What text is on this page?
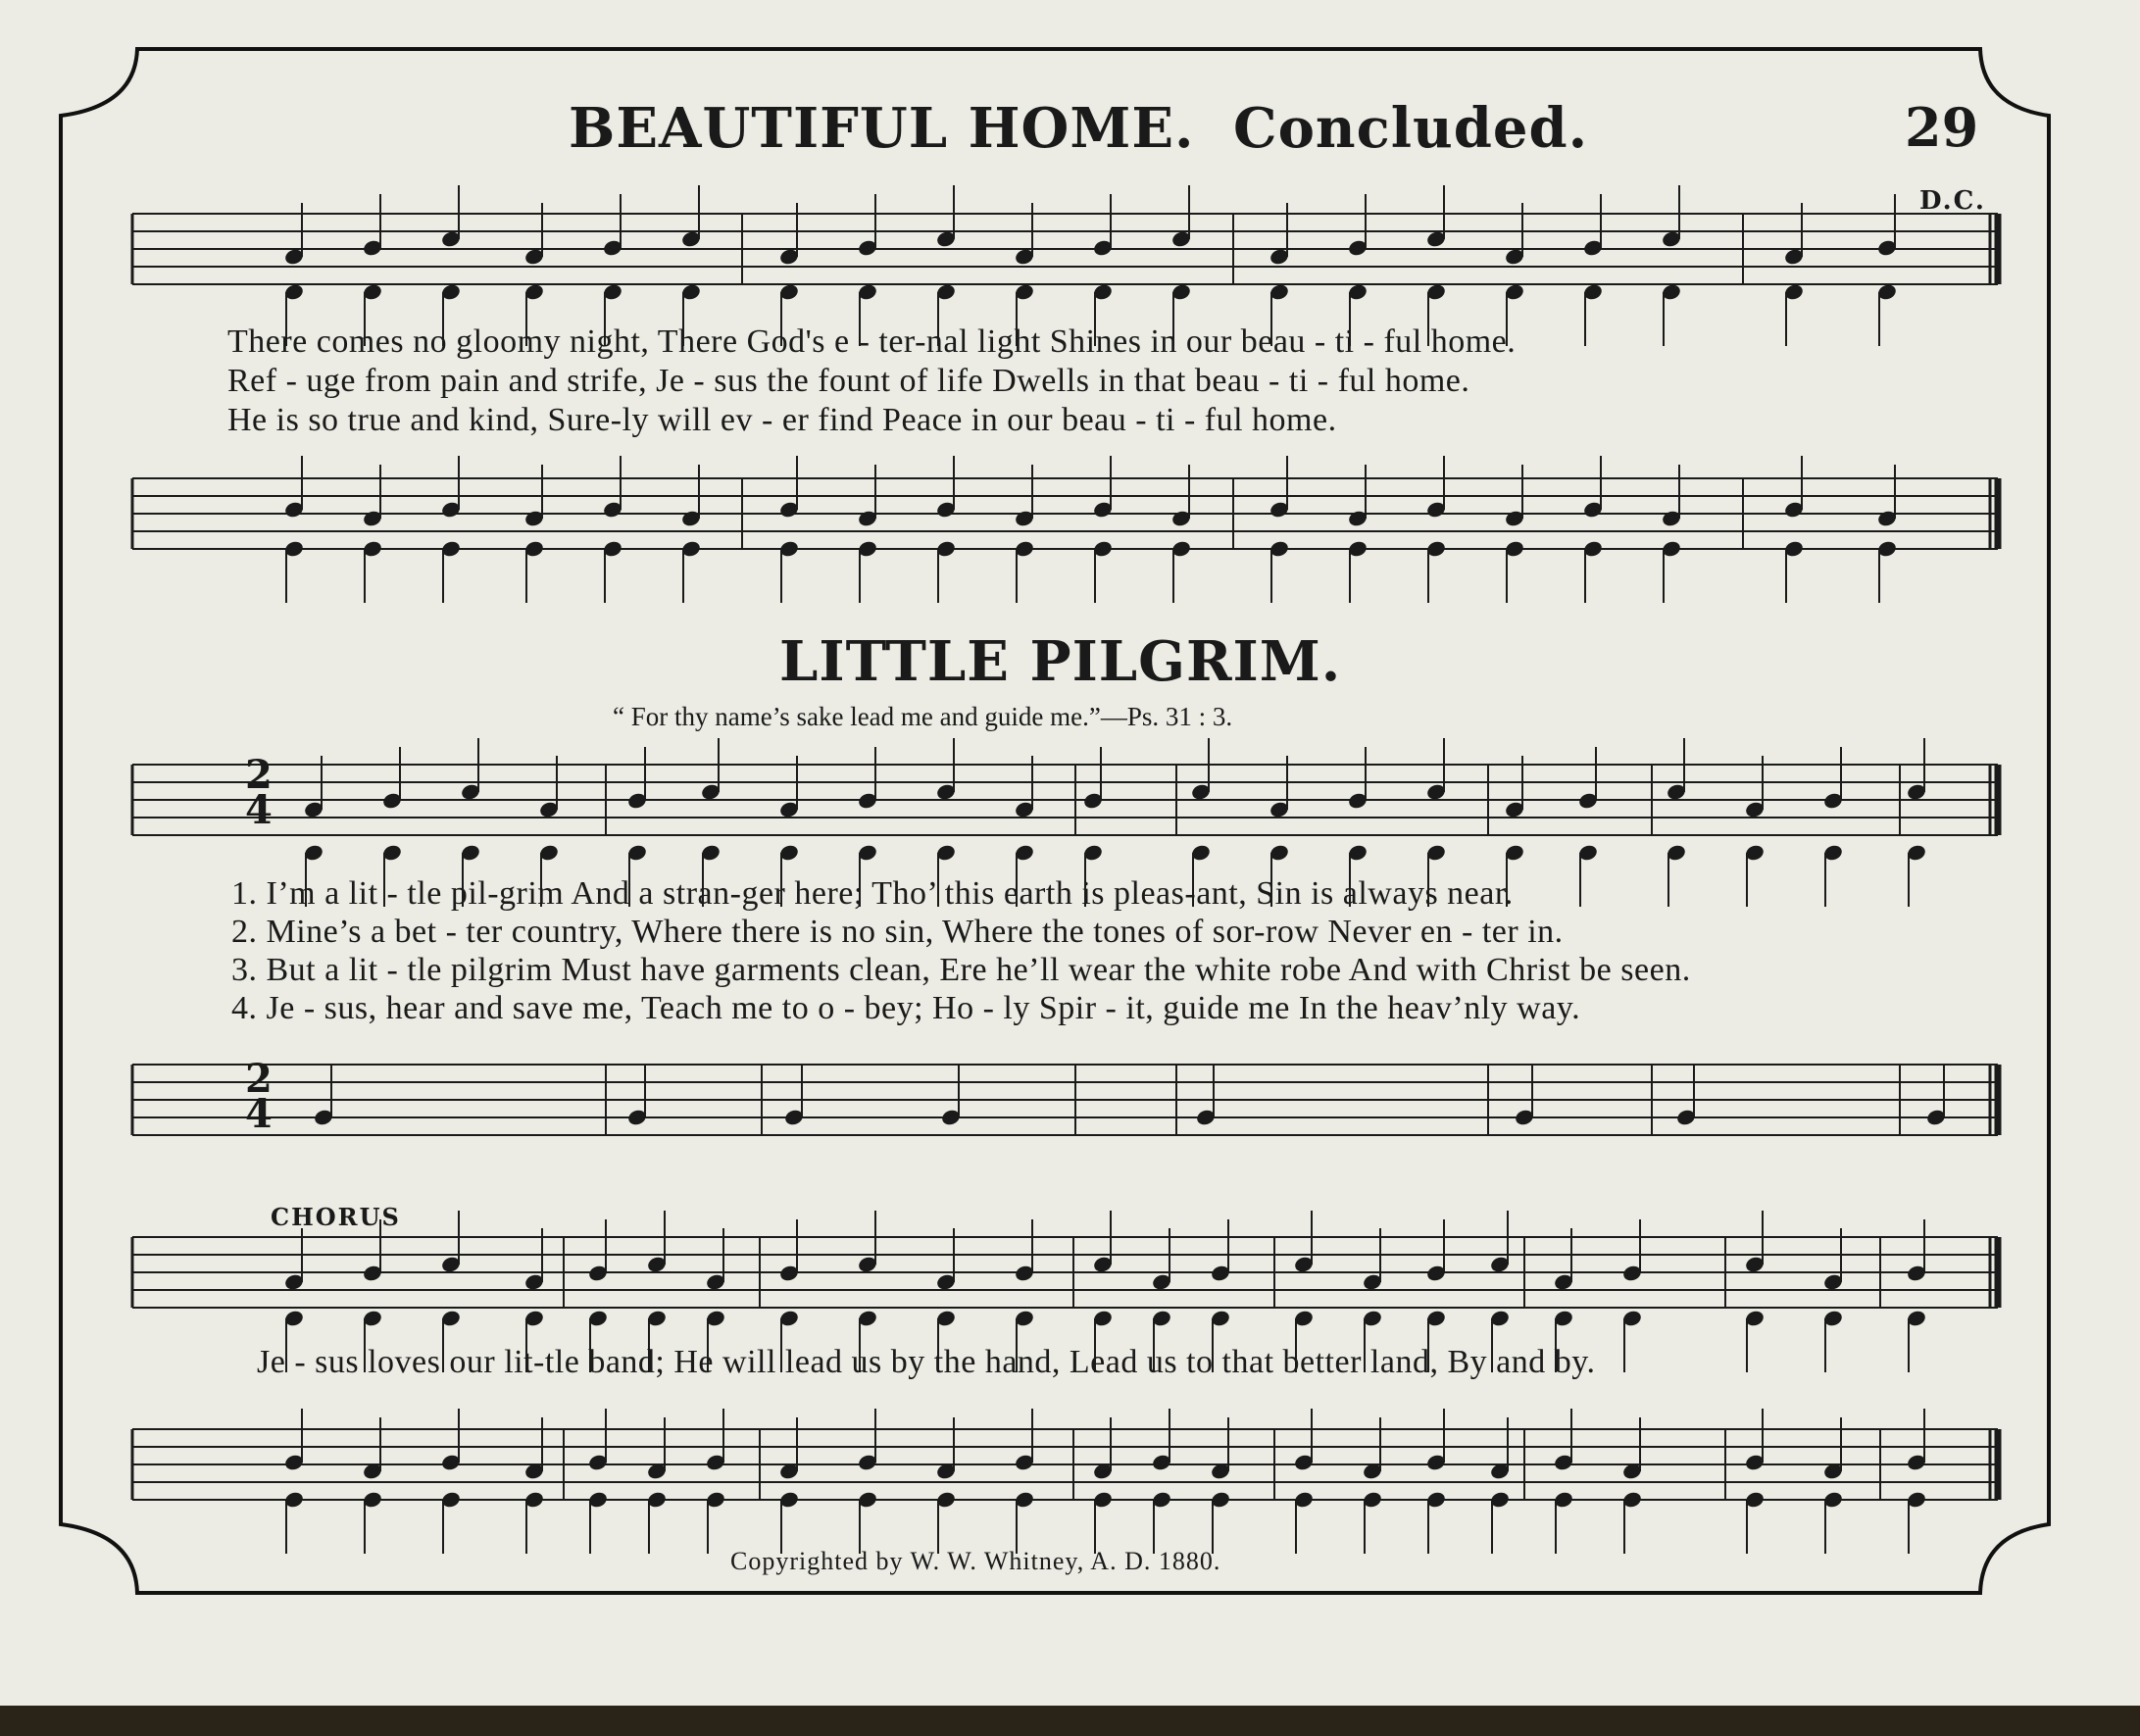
BEAUTIFUL HOME. Concluded.	29
D.C.
There comes no gloomy night, There God's e - ter-nal light Shines in our beau - ti - ful home.
Ref - uge from pain and strife, Je - sus the fount of life Dwells in that beau - ti - ful home.
He is so true and kind, Sure-ly will ev - er find Peace in our beau - ti - ful home.
LITTLE PILGRIM.
“ For thy name’s sake lead me and guide me.”—Ps. 31 : 3.
2
4
2
4
1. I’m a lit - tle pil-grim And a stran-ger here; Tho’ this earth is pleas-ant, Sin is always near.
2. Mine’s a bet - ter country, Where there is no sin, Where the tones of sor-row Never en - ter in.
3. But a lit - tle pilgrim Must have garments clean, Ere he’ll wear the white robe And with Christ be seen.
4. Je - sus, hear and save me, Teach me to o - bey; Ho - ly Spir - it, guide me In the heav’nly way.
CHORUS
Je - sus loves our lit-tle band; He will lead us by the hand, Lead us to that better land, By and by.
Copyrighted by W. W. Whitney, A. D. 1880.
